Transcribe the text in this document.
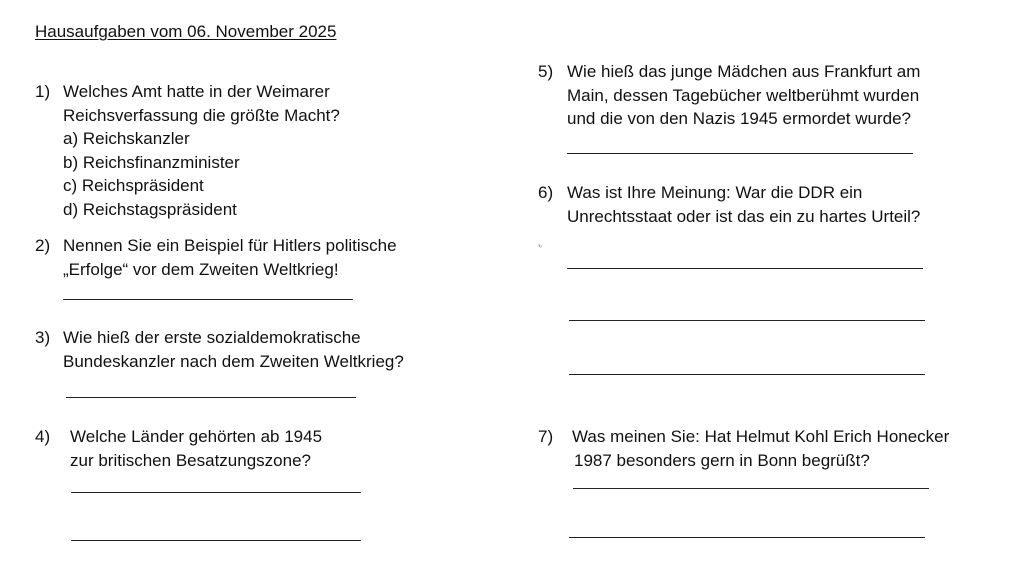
Hausaufgaben vom 06. November 2025
1) Welches Amt hatte in der Weimarer
Reichsverfassung die größte Macht?
a) Reichskanzler
b) Reichsfinanzminister
c) Reichspräsident
d) Reichstagspräsident
2) Nennen Sie ein Beispiel für Hitlers politische
„Erfolge“ vor dem Zweiten Weltkrieg!
3) Wie hieß der erste sozialdemokratische
Bundeskanzler nach dem Zweiten Weltkrieg?
4) Welche Länder gehörten ab 1945
zur britischen Besatzungszone?
5) Wie hieß das junge Mädchen aus Frankfurt am
Main, dessen Tagebücher weltberühmt wurden
und die von den Nazis 1945 ermordet wurde?
6) Was ist Ihre Meinung: War die DDR ein
Unrechtsstaat oder ist das ein zu hartes Urteil?
3)
7) Was meinen Sie: Hat Helmut Kohl Erich Honecker
1987 besonders gern in Bonn begrüßt?
